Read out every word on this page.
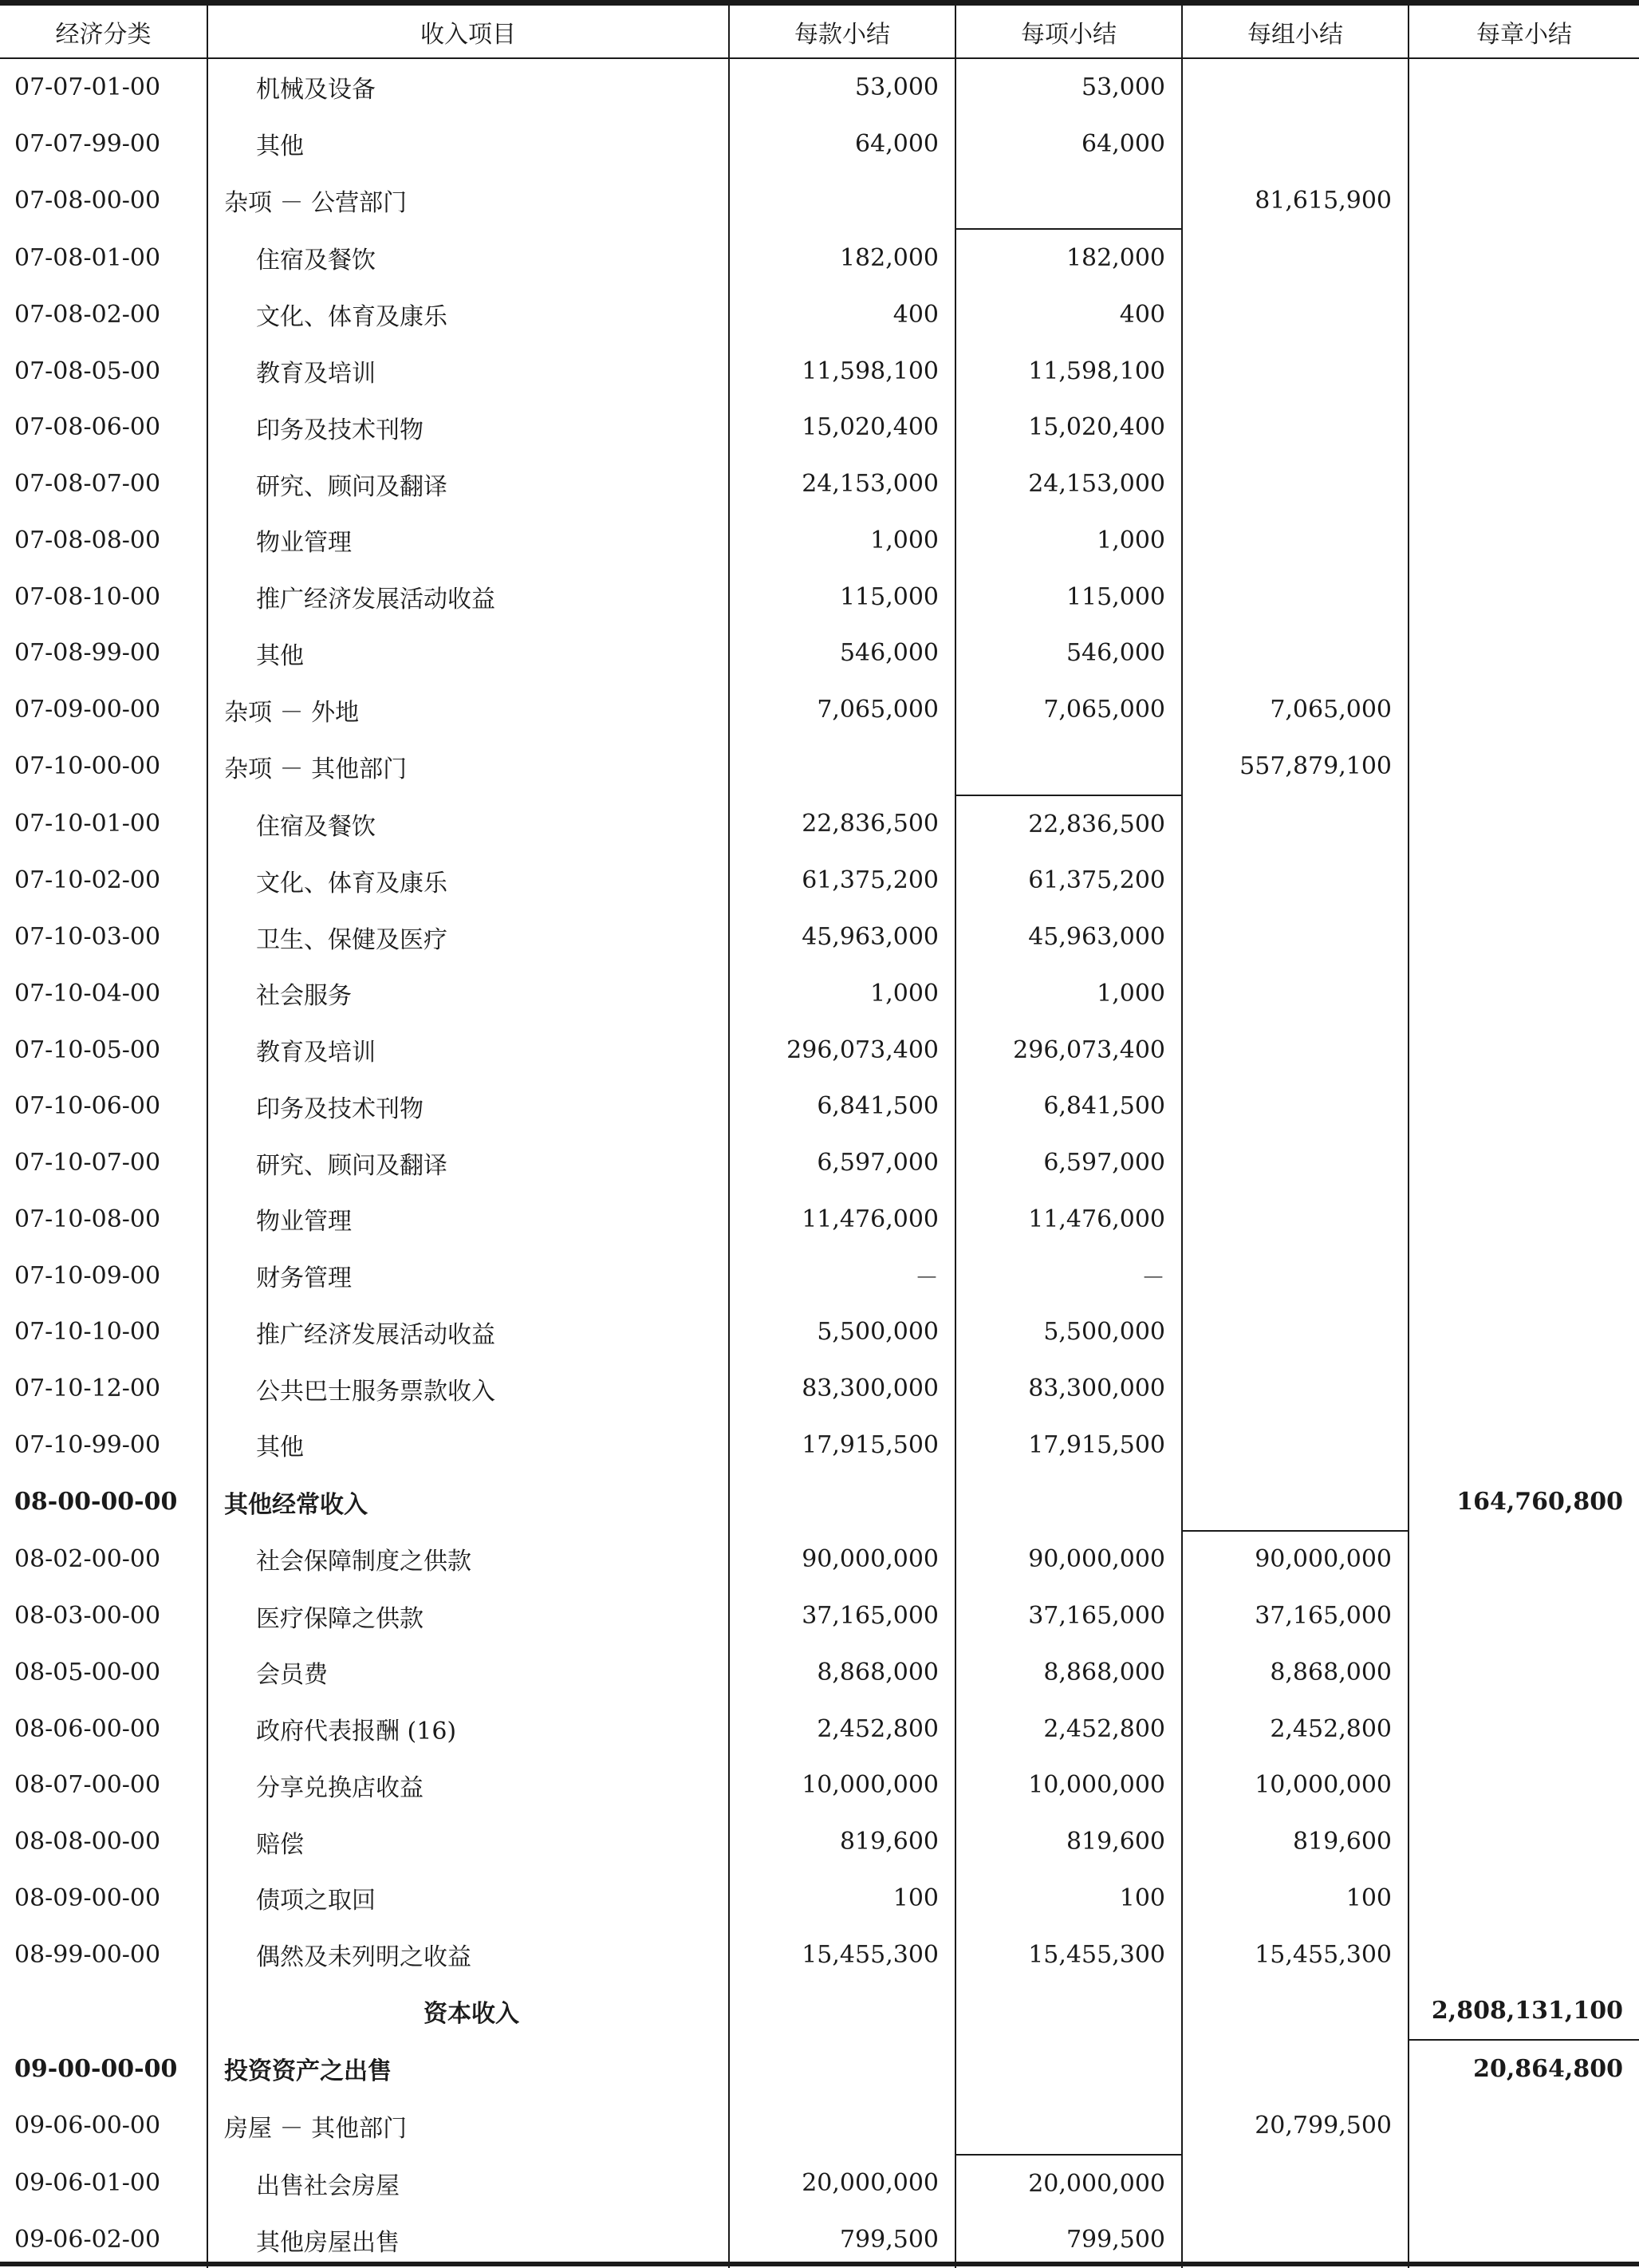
经济分类	收入项目	每款小结	每项小结	每组小结	每章小结
07-07-01-00	机械及设备	53,000	53,000		
07-07-99-00	其他	64,000	64,000		
07-08-00-00	杂项 － 公营部门			81,615,900	
07-08-01-00	住宿及餐饮	182,000	182,000		
07-08-02-00	文化、体育及康乐	400	400		
07-08-05-00	教育及培训	11,598,100	11,598,100		
07-08-06-00	印务及技术刊物	15,020,400	15,020,400		
07-08-07-00	研究、顾问及翻译	24,153,000	24,153,000		
07-08-08-00	物业管理	1,000	1,000		
07-08-10-00	推广经济发展活动收益	115,000	115,000		
07-08-99-00	其他	546,000	546,000		
07-09-00-00	杂项 － 外地	7,065,000	7,065,000	7,065,000	
07-10-00-00	杂项 － 其他部门			557,879,100	
07-10-01-00	住宿及餐饮	22,836,500	22,836,500		
07-10-02-00	文化、体育及康乐	61,375,200	61,375,200		
07-10-03-00	卫生、保健及医疗	45,963,000	45,963,000		
07-10-04-00	社会服务	1,000	1,000		
07-10-05-00	教育及培训	296,073,400	296,073,400		
07-10-06-00	印务及技术刊物	6,841,500	6,841,500		
07-10-07-00	研究、顾问及翻译	6,597,000	6,597,000		
07-10-08-00	物业管理	11,476,000	11,476,000		
07-10-09-00	财务管理	－	－		
07-10-10-00	推广经济发展活动收益	5,500,000	5,500,000		
07-10-12-00	公共巴士服务票款收入	83,300,000	83,300,000		
07-10-99-00	其他	17,915,500	17,915,500		
08-00-00-00	其他经常收入				164,760,800
08-02-00-00	社会保障制度之供款	90,000,000	90,000,000	90,000,000	
08-03-00-00	医疗保障之供款	37,165,000	37,165,000	37,165,000	
08-05-00-00	会员费	8,868,000	8,868,000	8,868,000	
08-06-00-00	政府代表报酬 (16)	2,452,800	2,452,800	2,452,800	
08-07-00-00	分享兑换店收益	10,000,000	10,000,000	10,000,000	
08-08-00-00	赔偿	819,600	819,600	819,600	
08-09-00-00	债项之取回	100	100	100	
08-99-00-00	偶然及未列明之收益	15,455,300	15,455,300	15,455,300	
	资本收入				2,808,131,100
09-00-00-00	投资资产之出售				20,864,800
09-06-00-00	房屋 － 其他部门			20,799,500	
09-06-01-00	出售社会房屋	20,000,000	20,000,000		
09-06-02-00	其他房屋出售	799,500	799,500		
